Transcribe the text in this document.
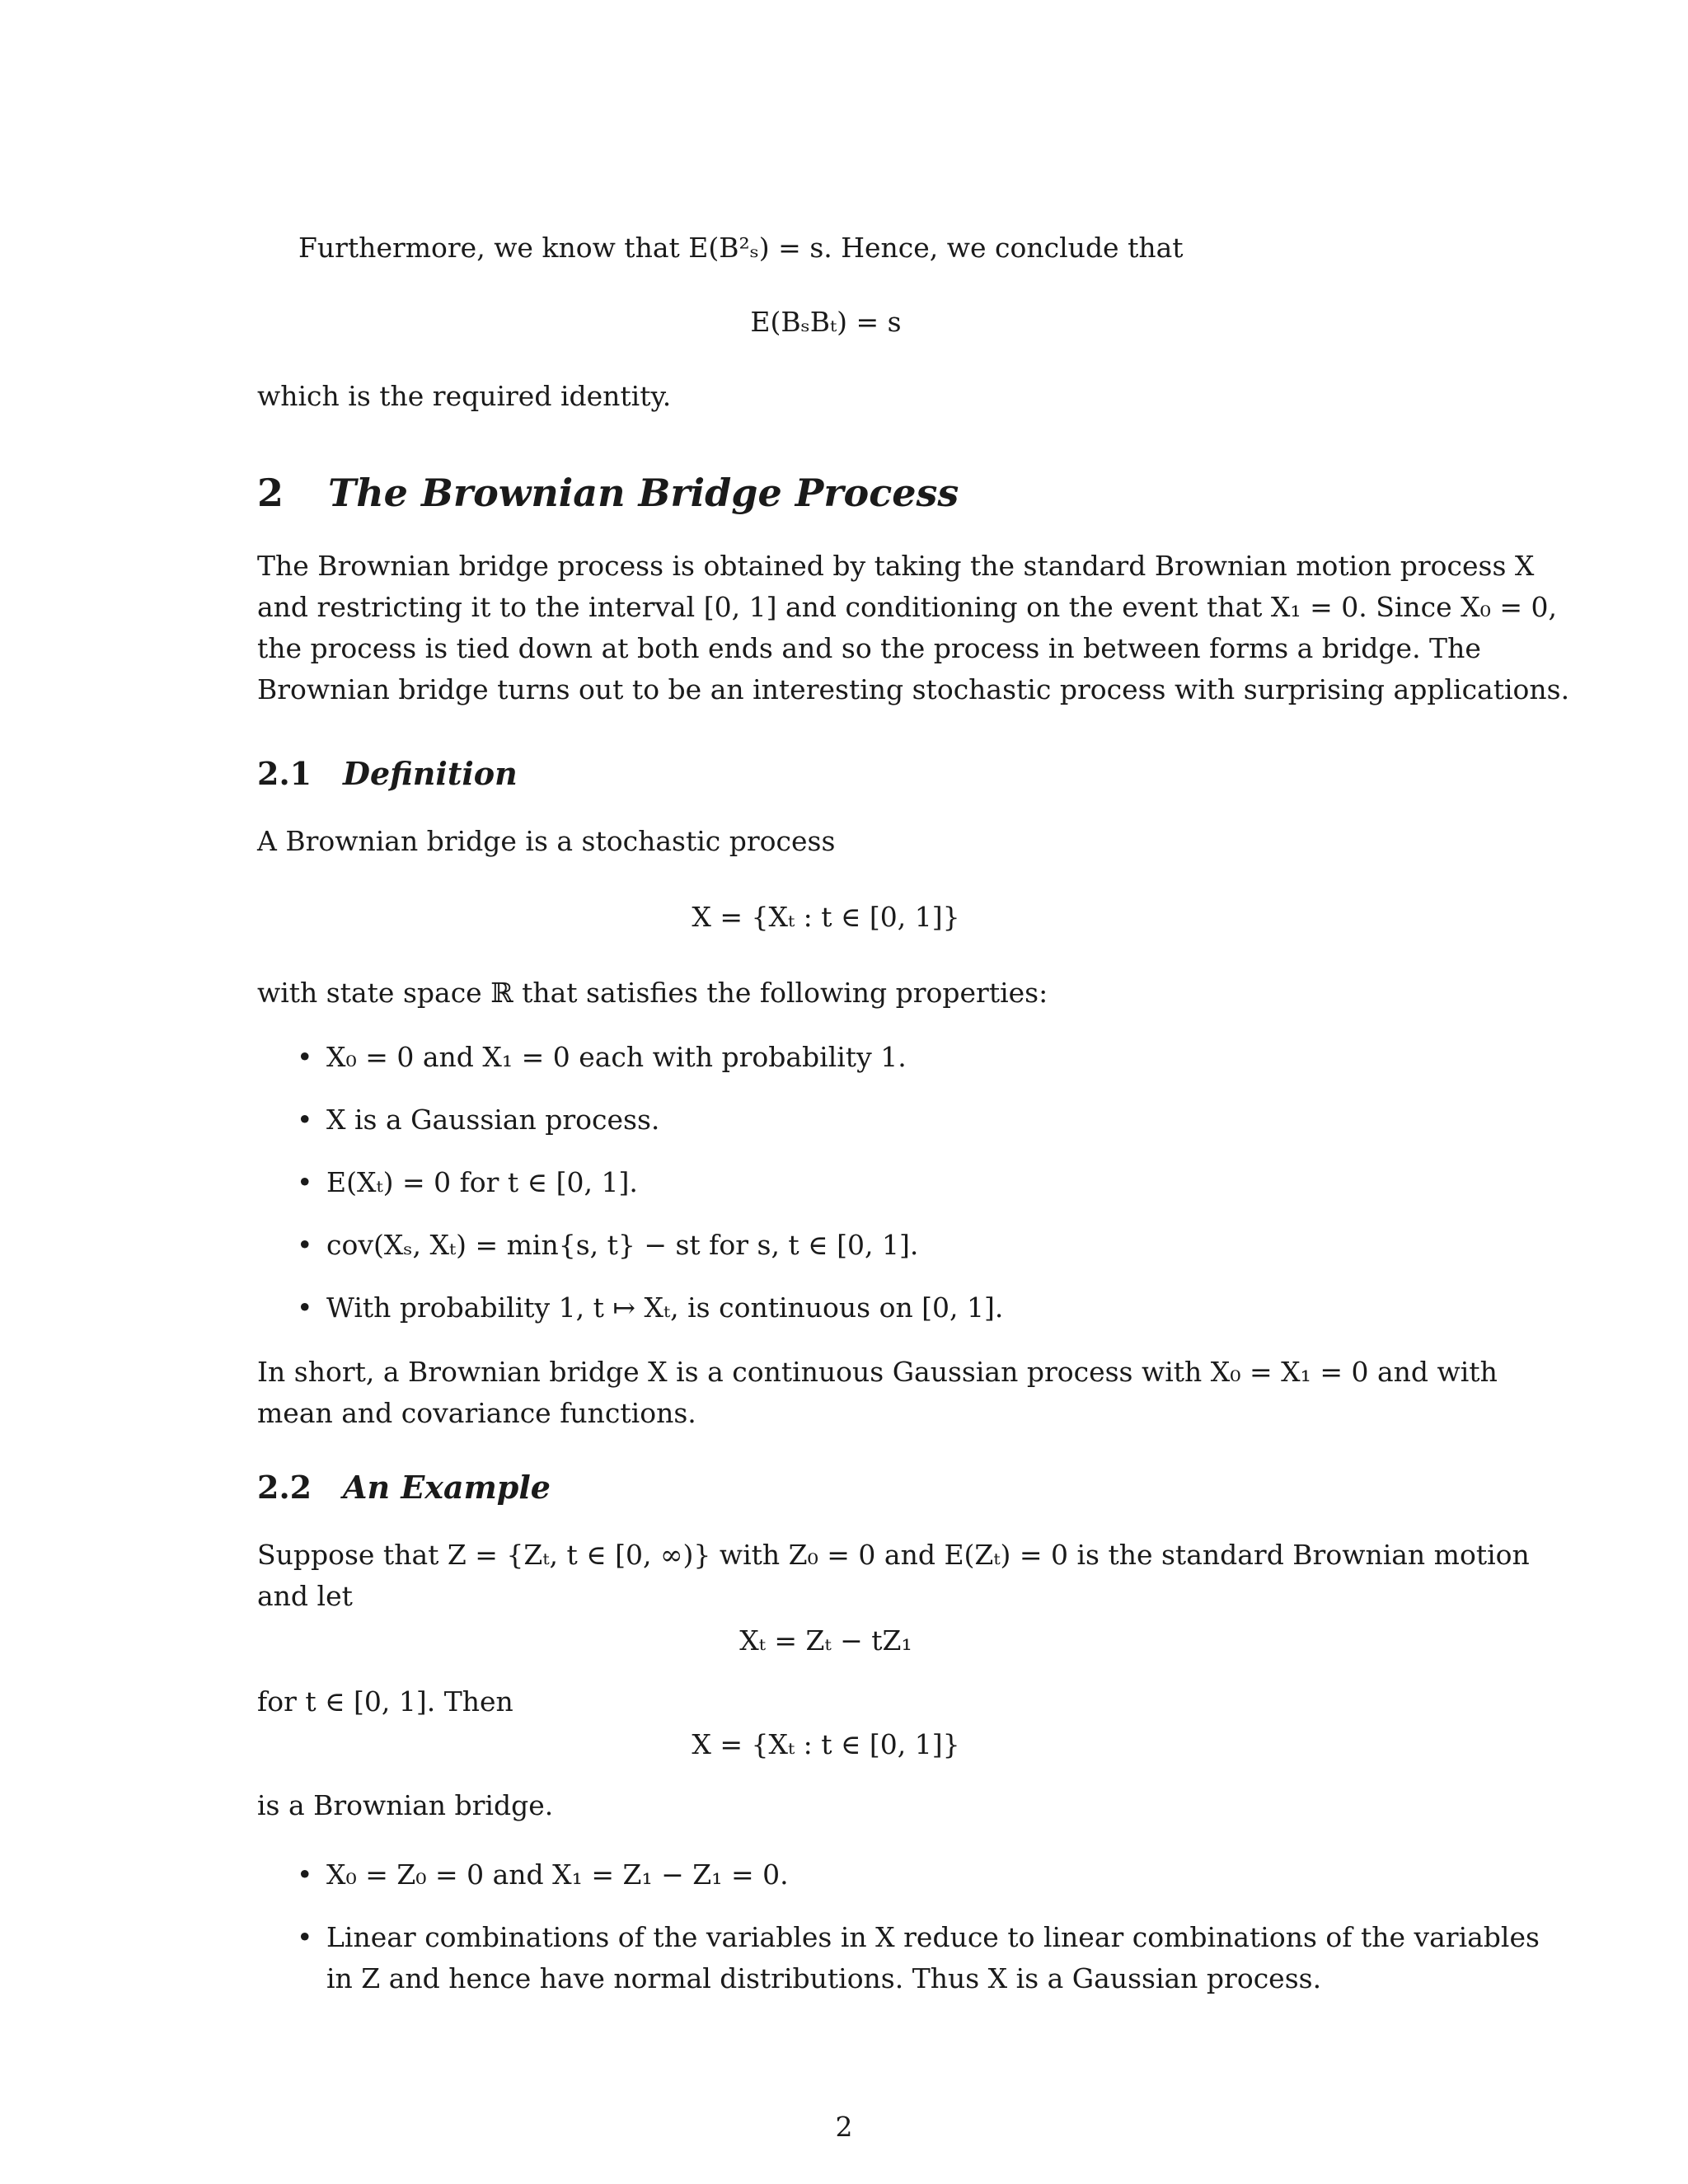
Furthermore, we know that E(B²ₛ) = s. Hence, we conclude that
E(BₛBₜ) = s
which is the required identity.
2 The Brownian Bridge Process
The Brownian bridge process is obtained by taking the standard Brownian motion process X
and restricting it to the interval [0, 1] and conditioning on the event that X₁ = 0. Since X₀ = 0,
the process is tied down at both ends and so the process in between forms a bridge. The
Brownian bridge turns out to be an interesting stochastic process with surprising applications.
2.1 Definition
A Brownian bridge is a stochastic process
X = {Xₜ : t ∈ [0, 1]}
with state space ℝ that satisfies the following properties:
• X₀ = 0 and X₁ = 0 each with probability 1.
• X is a Gaussian process.
• E(Xₜ) = 0 for t ∈ [0, 1].
• cov(Xₛ, Xₜ) = min{s, t} − st for s, t ∈ [0, 1].
• With probability 1, t ↦ Xₜ, is continuous on [0, 1].
In short, a Brownian bridge X is a continuous Gaussian process with X₀ = X₁ = 0 and with
mean and covariance functions.
2.2 An Example
Suppose that Z = {Zₜ, t ∈ [0, ∞)} with Z₀ = 0 and E(Zₜ) = 0 is the standard Brownian motion
and let
Xₜ = Zₜ − tZ₁
for t ∈ [0, 1]. Then
X = {Xₜ : t ∈ [0, 1]}
is a Brownian bridge.
• X₀ = Z₀ = 0 and X₁ = Z₁ − Z₁ = 0.
• Linear combinations of the variables in X reduce to linear combinations of the variables
in Z and hence have normal distributions. Thus X is a Gaussian process.
2
